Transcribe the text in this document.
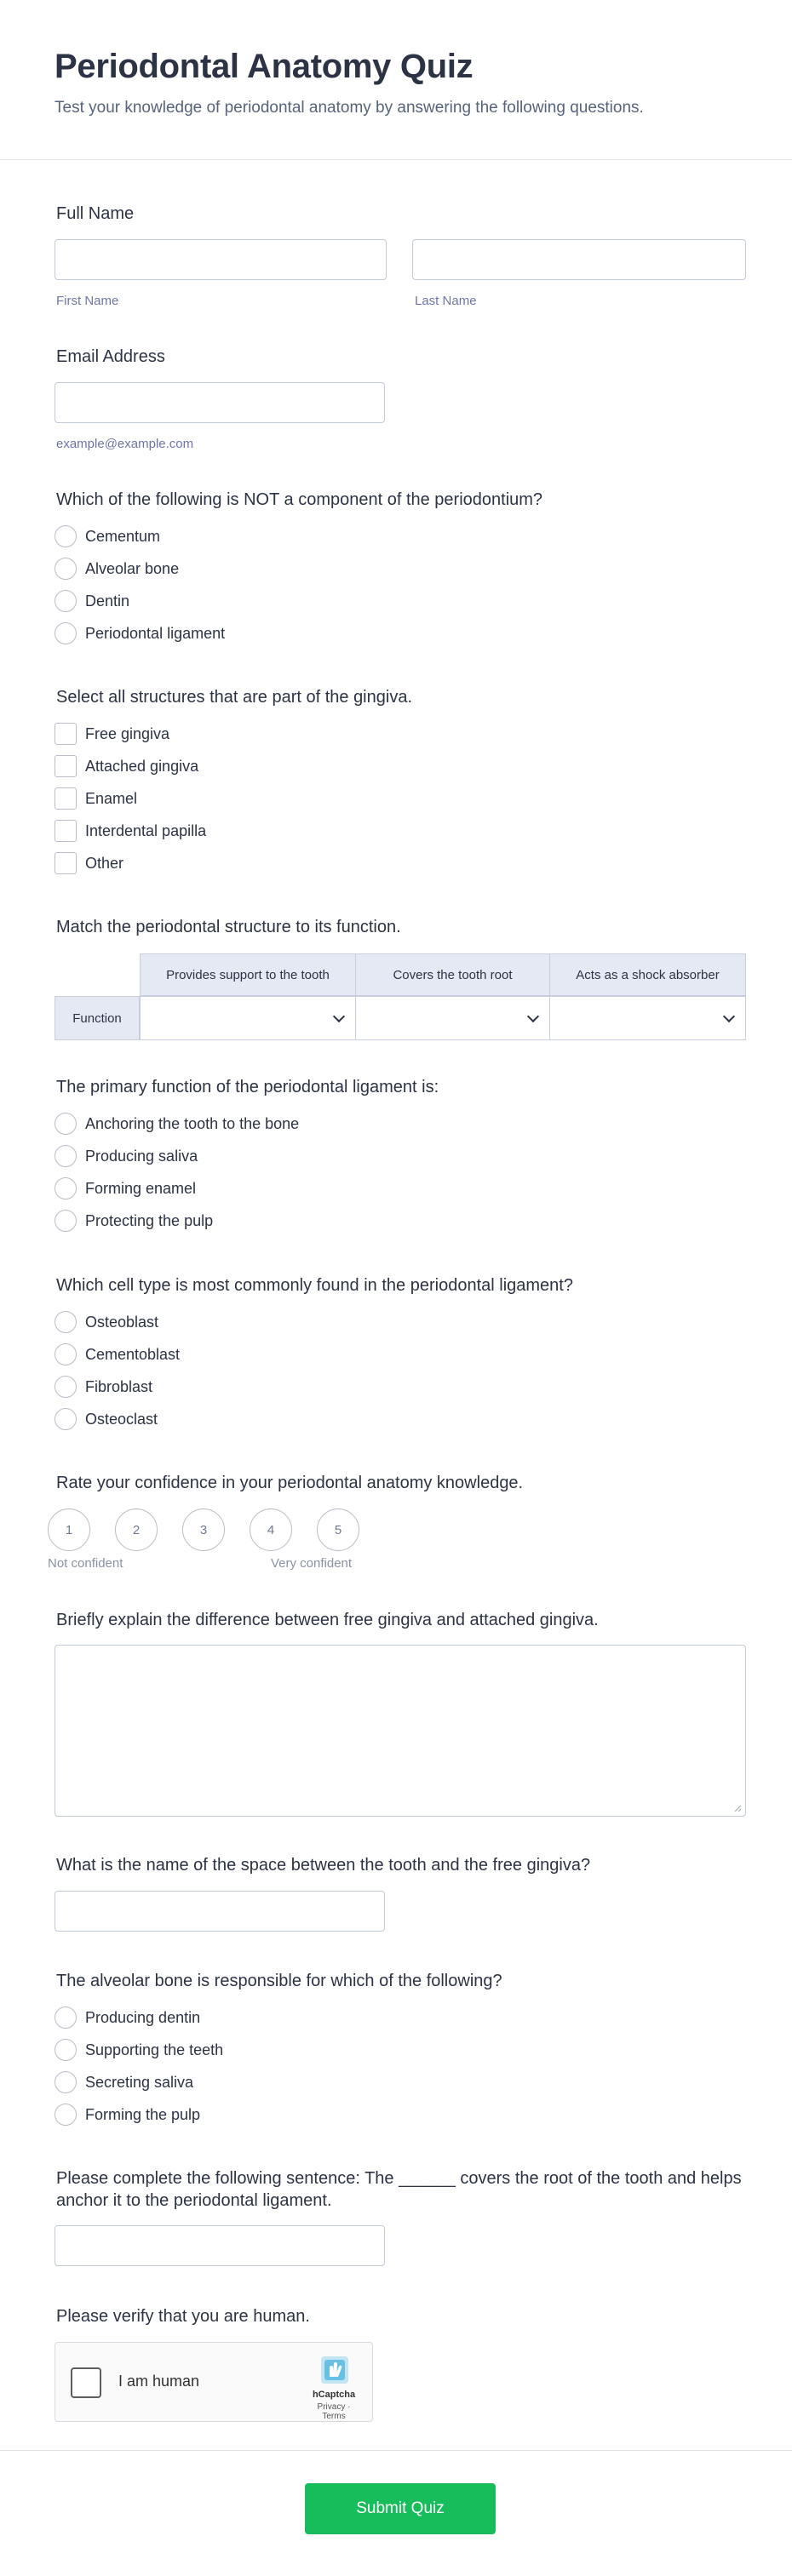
Periodontal Anatomy Quiz
Test your knowledge of periodontal anatomy by answering the following questions.
Full Name
First Name	Last Name
Email Address
example@example.com
Which of the following is NOT a component of the periodontium?
Cementum
Alveolar bone
Dentin
Periodontal ligament
Select all structures that are part of the gingiva.
Free gingiva
Attached gingiva
Enamel
Interdental papilla
Other
Match the periodontal structure to its function.
Provides support to the tooth	Covers the tooth root	Acts as a shock absorber
Function
The primary function of the periodontal ligament is:
Anchoring the tooth to the bone
Producing saliva
Forming enamel
Protecting the pulp
Which cell type is most commonly found in the periodontal ligament?
Osteoblast
Cementoblast
Fibroblast
Osteoclast
Rate your confidence in your periodontal anatomy knowledge.
1	2	3	4	5
Not confident	Very confident
Briefly explain the difference between free gingiva and attached gingiva.
What is the name of the space between the tooth and the free gingiva?
The alveolar bone is responsible for which of the following?
Producing dentin
Supporting the teeth
Secreting saliva
Forming the pulp
Please complete the following sentence: The ______ covers the root of the tooth and helps anchor it to the periodontal ligament.
Please verify that you are human.
I am human
hCaptcha
Privacy · Terms
Submit Quiz
